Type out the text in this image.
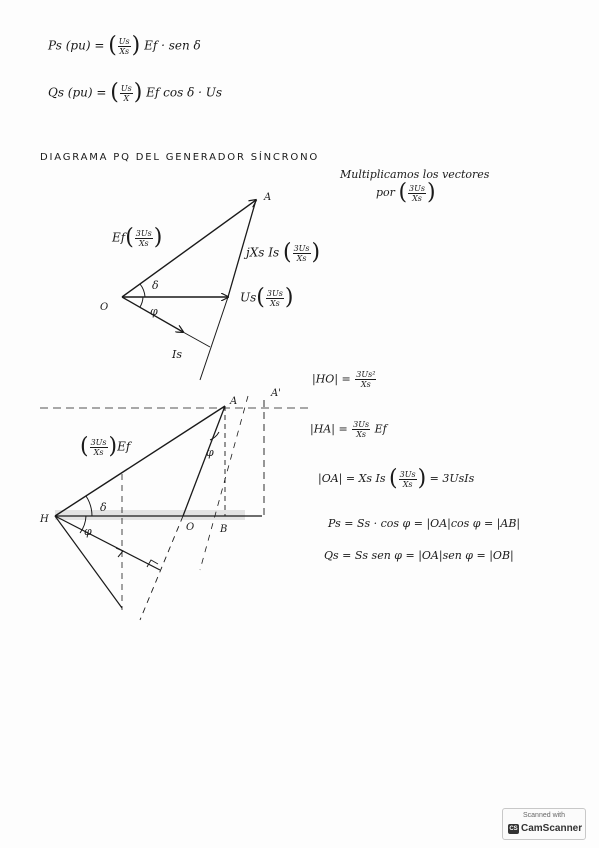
Ps (pu) = ( $\frac{Us}{Xs}$ ) Ef · sen δ
Qs (pu) = ( $\frac{Us}{X}$ ) Ef cos δ · Us
DIAGRAMA PQ DEL GENERADOR SÍNCRONO
Multiplicamos los vectores
por ( $\frac{3Us}{Xs}$ )
A
O
δ
φ
Is
$Ef( \frac{3Us}{Xs}$ )
jXs Is ( $\frac{3Us}{Xs}$ )
$Us( \frac{3Us}{Xs}$ )
A
A'
H
O	B
δ
φ
φ
( $\frac{3Us}{Xs} )Ef$
$|HO| = \frac{\text{3Us²}}{Xs}$
$|HA| = \frac{3Us}{Xs}$ Ef
|OA| = Xs Is ( $\frac{3Us}{Xs}$ ) = 3UsIs
Ps = Ss · cos φ = |OA|cos φ = |AB|
Qs = Ss sen φ = |OA|sen φ = |OB|
Scanned with
CS CamScanner
